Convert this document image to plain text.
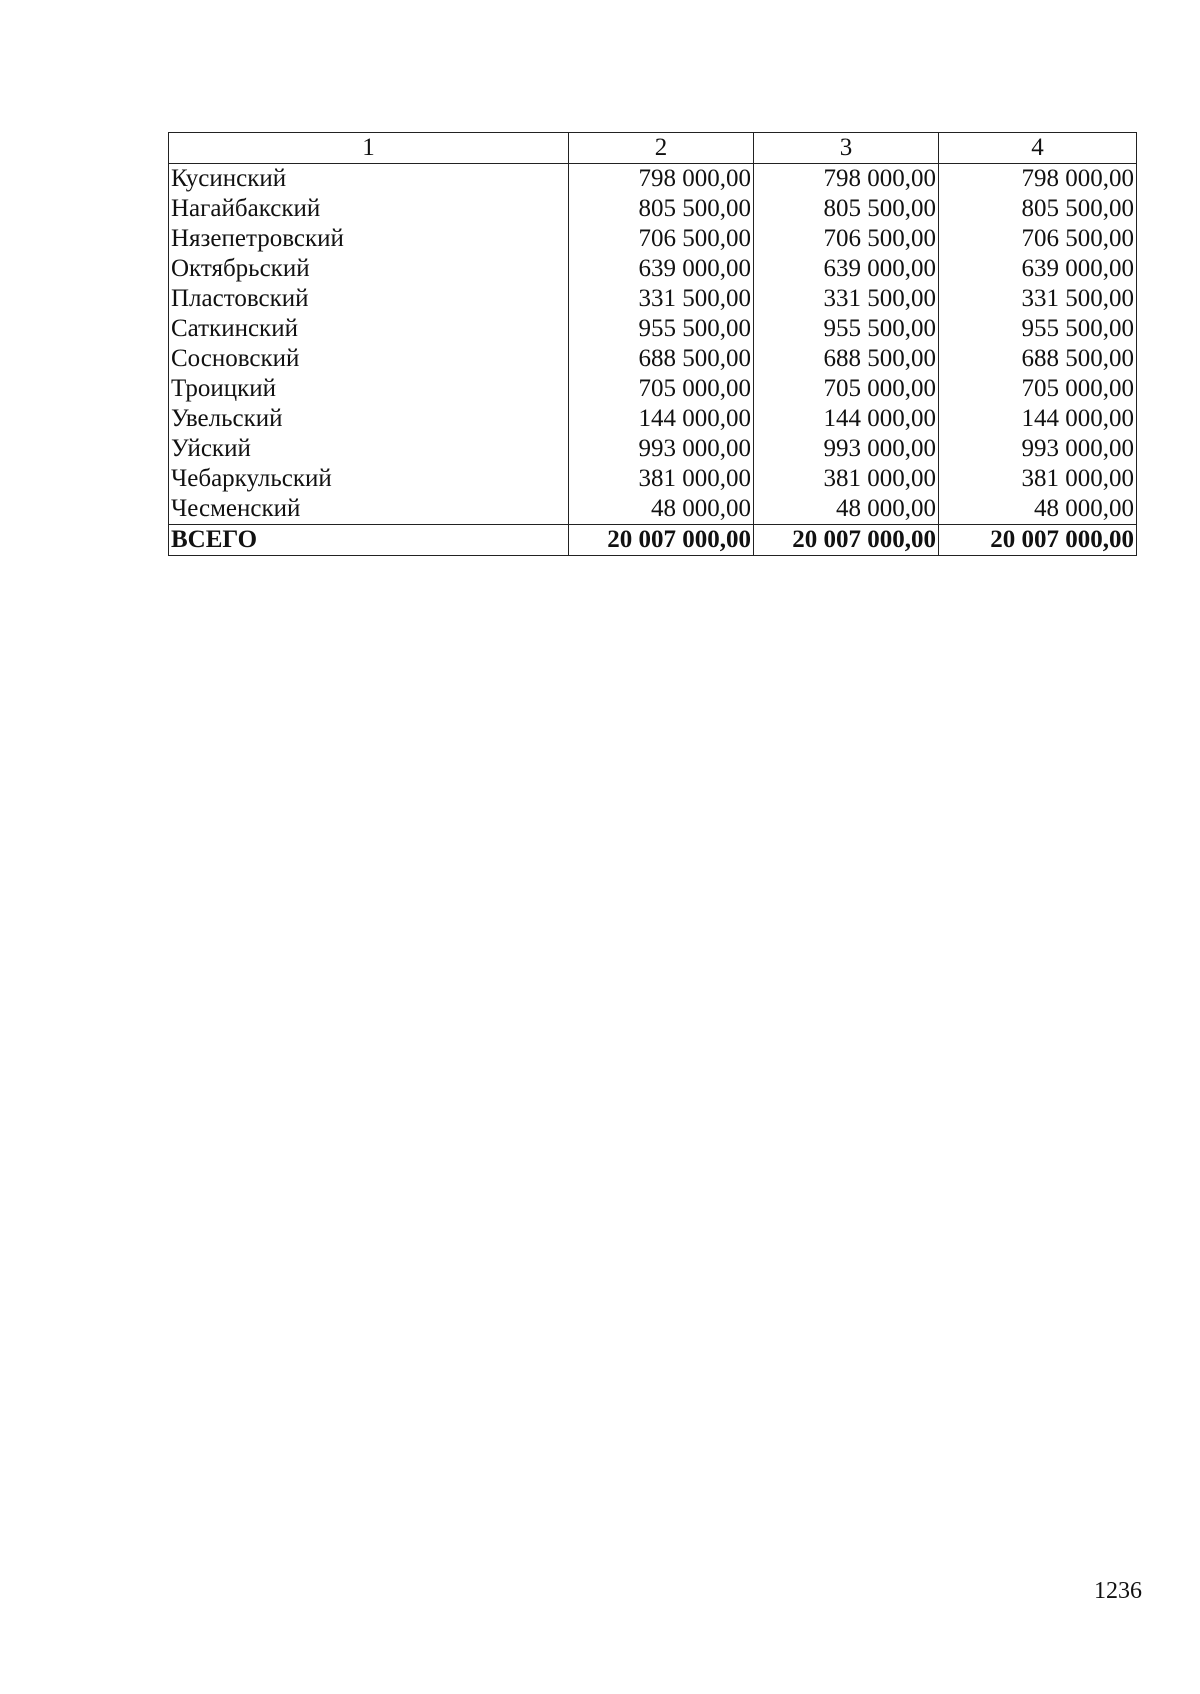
1	2	3	4
Кусинский	798 000,00	798 000,00	798 000,00
Нагайбакский	805 500,00	805 500,00	805 500,00
Нязепетровский	706 500,00	706 500,00	706 500,00
Октябрьский	639 000,00	639 000,00	639 000,00
Пластовский	331 500,00	331 500,00	331 500,00
Саткинский	955 500,00	955 500,00	955 500,00
Сосновский	688 500,00	688 500,00	688 500,00
Троицкий	705 000,00	705 000,00	705 000,00
Увельский	144 000,00	144 000,00	144 000,00
Уйский	993 000,00	993 000,00	993 000,00
Чебаркульский	381 000,00	381 000,00	381 000,00
Чесменский	48 000,00	48 000,00	48 000,00
ВСЕГО	20 007 000,00	20 007 000,00	20 007 000,00
1236
